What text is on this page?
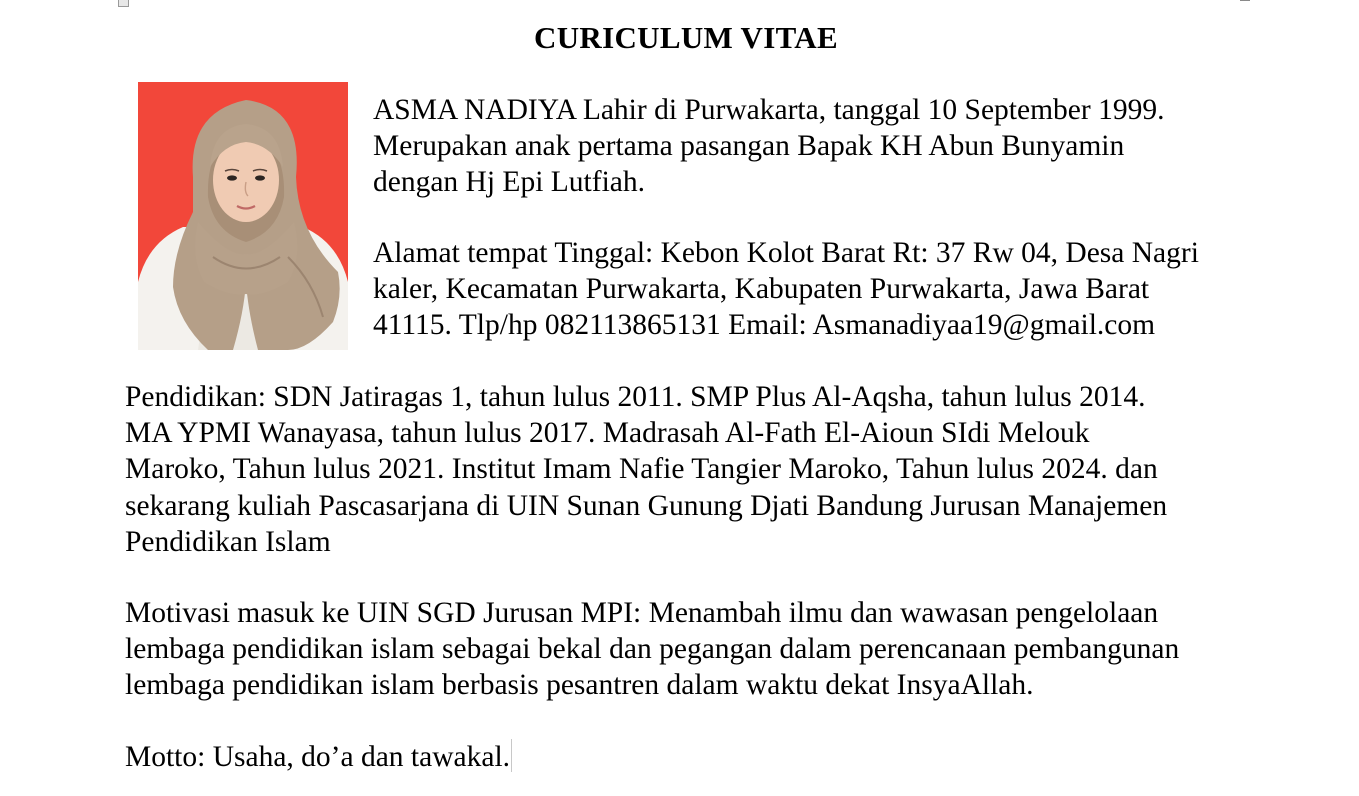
CURICULUM VITAE
ASMA NADIYA Lahir di Purwakarta, tanggal 10 September 1999.
Merupakan anak pertama pasangan Bapak KH Abun Bunyamin
dengan Hj Epi Lutfiah.
Alamat tempat Tinggal: Kebon Kolot Barat Rt: 37 Rw 04, Desa Nagri
kaler, Kecamatan Purwakarta, Kabupaten Purwakarta, Jawa Barat
41115. Tlp/hp 082113865131 Email: Asmanadiyaa19@gmail.com
Pendidikan: SDN Jatiragas 1, tahun lulus 2011. SMP Plus Al-Aqsha, tahun lulus 2014.
MA YPMI Wanayasa, tahun lulus 2017. Madrasah Al-Fath El-Aioun SIdi Melouk
Maroko, Tahun lulus 2021. Institut Imam Nafie Tangier Maroko, Tahun lulus 2024. dan
sekarang kuliah Pascasarjana di UIN Sunan Gunung Djati Bandung Jurusan Manajemen
Pendidikan Islam
Motivasi masuk ke UIN SGD Jurusan MPI: Menambah ilmu dan wawasan pengelolaan
lembaga pendidikan islam sebagai bekal dan pegangan dalam perencanaan pembangunan
lembaga pendidikan islam berbasis pesantren dalam waktu dekat InsyaAllah.
Motto: Usaha, do’a dan tawakal.
